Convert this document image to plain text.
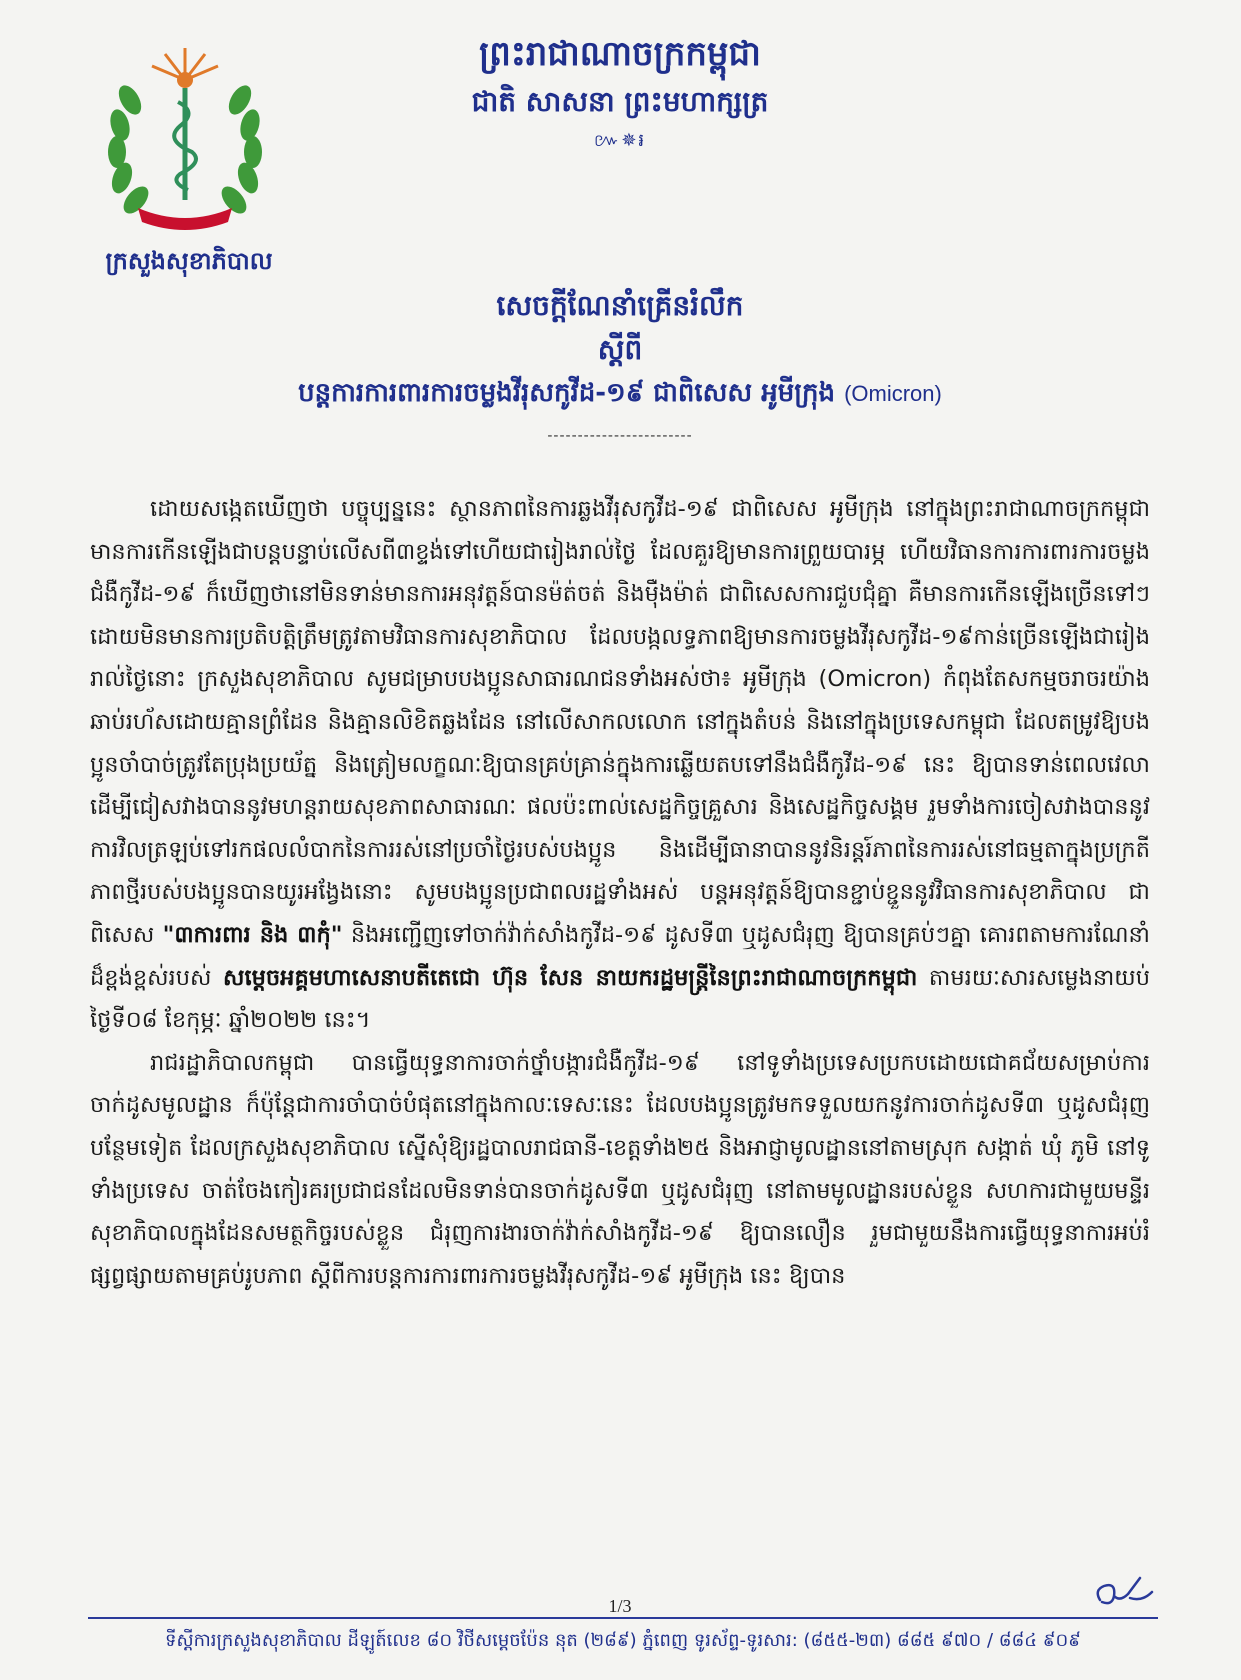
ព្រះរាជាណាចក្រកម្ពុជា
ជាតិ សាសនា ព្រះមហាក្សត្រ
៚✵៛
ក្រសួងសុខាភិបាល
សេចក្តីណែនាំគ្រើនរំលឹក
ស្តីពី
បន្តការការពារការចម្លងវីរុសកូវីដ-១៩ ជាពិសេស អូមីក្រុង (Omicron)
------------------------

ដោយសង្កេតឃើញថា បច្ចុប្បន្ននេះ ស្ថានភាពនៃការឆ្លងវីរុសកូវីដ-១៩ ជាពិសេស អូមីក្រុង នៅក្នុងព្រះរាជាណាចក្រកម្ពុជា មានការកើនឡើងជាបន្តបន្ទាប់លើសពី៣ខ្ទង់ទៅហើយជារៀងរាល់ថ្ងៃ ដែលគួរឱ្យមានការព្រួយបារម្ភ ហើយវិធានការការពារការចម្លងជំងឺកូវីដ-១៩ ក៏ឃើញថានៅមិនទាន់មានការអនុវត្តន៍បានម៉ត់ចត់ និងម៉ឺងម៉ាត់ ជាពិសេសការជួបជុំគ្នា គឺមានការកើនឡើងច្រើនទៅៗ ដោយមិនមានការប្រតិបត្តិត្រឹមត្រូវតាមវិធានការសុខាភិបាល ដែលបង្កលទ្ធភាពឱ្យមានការចម្លងវីរុសកូវីដ-១៩កាន់ច្រើនឡើងជារៀងរាល់ថ្ងៃនោះ ក្រសួងសុខាភិបាល សូមជម្រាបបងប្អូនសាធារណជនទាំងអស់ថា៖ អូមីក្រុង (Omicron) កំពុងតែសកម្មចរាចរយ៉ាងឆាប់រហ័សដោយគ្មានព្រំដែន និងគ្មានលិខិតឆ្លងដែន នៅលើសាកលលោក នៅក្នុងតំបន់ និងនៅក្នុងប្រទេសកម្ពុជា ដែលតម្រូវឱ្យបងប្អូនចាំបាច់ត្រូវតែប្រុងប្រយ័ត្ន និងត្រៀមលក្ខណៈឱ្យបានគ្រប់គ្រាន់ក្នុងការឆ្លើយតបទៅនឹងជំងឺកូវីដ-១៩ នេះ ឱ្យបានទាន់ពេលវេលា ដើម្បីជៀសវាងបាននូវមហន្តរាយសុខភាពសាធារណៈ ផលប៉ះពាល់សេដ្ឋកិច្ចគ្រួសារ និងសេដ្ឋកិច្ចសង្គម រួមទាំងការចៀសវាងបាននូវការវិលត្រឡប់ទៅរកផលលំបាកនៃការរស់នៅប្រចាំថ្ងៃរបស់បងប្អូន និងដើម្បីធានាបាននូវនិរន្តរ៍ភាពនៃការរស់នៅធម្មតាក្នុងប្រក្រតីភាពថ្មីរបស់បងប្អូនបានយូរអង្វែងនោះ សូមបងប្អូនប្រជាពលរដ្ឋទាំងអស់ បន្តអនុវត្តន៍ឱ្យបានខ្ជាប់ខ្ជួននូវវិធានការសុខាភិបាល ជាពិសេស "៣ការពារ និង ៣កុំ" និងអញ្ជើញទៅចាក់វ៉ាក់សាំងកូវីដ-១៩ ដូសទី៣ ឬដូសជំរុញ ឱ្យបានគ្រប់ៗគ្នា គោរពតាមការណែនាំដ៏ខ្ពង់ខ្ពស់របស់ សម្តេចអគ្គមហាសេនាបតីតេជោ ហ៊ុន សែន នាយករដ្ឋមន្ត្រីនៃព្រះរាជាណាចក្រកម្ពុជា តាមរយៈសារសម្លេងនាយប់ថ្ងៃទី០៨ ខែកុម្ភៈ ឆ្នាំ២០២២ នេះ។

រាជរដ្ឋាភិបាលកម្ពុជា បានធ្វើយុទ្ធនាការចាក់ថ្នាំបង្ការជំងឺកូវីដ-១៩ នៅទូទាំងប្រទេសប្រកបដោយជោគជ័យសម្រាប់ការចាក់ដូសមូលដ្ឋាន ក៏ប៉ុន្តែជាការចាំបាច់បំផុតនៅក្នុងកាលៈទេសៈនេះ ដែលបងប្អូនត្រូវមកទទួលយកនូវការចាក់ដូសទី៣ ឬដូសជំរុញបន្ថែមទៀត ដែលក្រសួងសុខាភិបាល ស្នើសុំឱ្យរដ្ឋបាលរាជធានី-ខេត្តទាំង២៥ និងអាជ្ញាមូលដ្ឋាននៅតាមស្រុក សង្កាត់ ឃុំ ភូមិ នៅទូទាំងប្រទេស ចាត់ចែងកៀរគរប្រជាជនដែលមិនទាន់បានចាក់ដូសទី៣ ឬដូសជំរុញ នៅតាមមូលដ្ឋានរបស់ខ្លួន សហការជាមួយមន្ទីរសុខាភិបាលក្នុងដែនសមត្ថកិច្ចរបស់ខ្លួន ជំរុញការងារចាក់វ៉ាក់សាំងកូវីដ-១៩ ឱ្យបានលឿន រួមជាមួយនឹងការធ្វើយុទ្ធនាការអប់រំផ្សព្វផ្សាយតាមគ្រប់រូបភាព ស្តីពីការបន្តការការពារការចម្លងវីរុសកូវីដ-១៩ អូមីក្រុង នេះ ឱ្យបាន

1/3
ទីស្តីការក្រសួងសុខាភិបាល ដីឡូត៍លេខ ៨០ វិថីសម្តេចប៉ែន នុត (២៨៩) ភ្នំពេញ ទូរស័ព្ទ-ទូរសារ: (៨៥៥-២៣) ៨៨៥ ៩៧០ / ៨៨៤ ៩០៩
